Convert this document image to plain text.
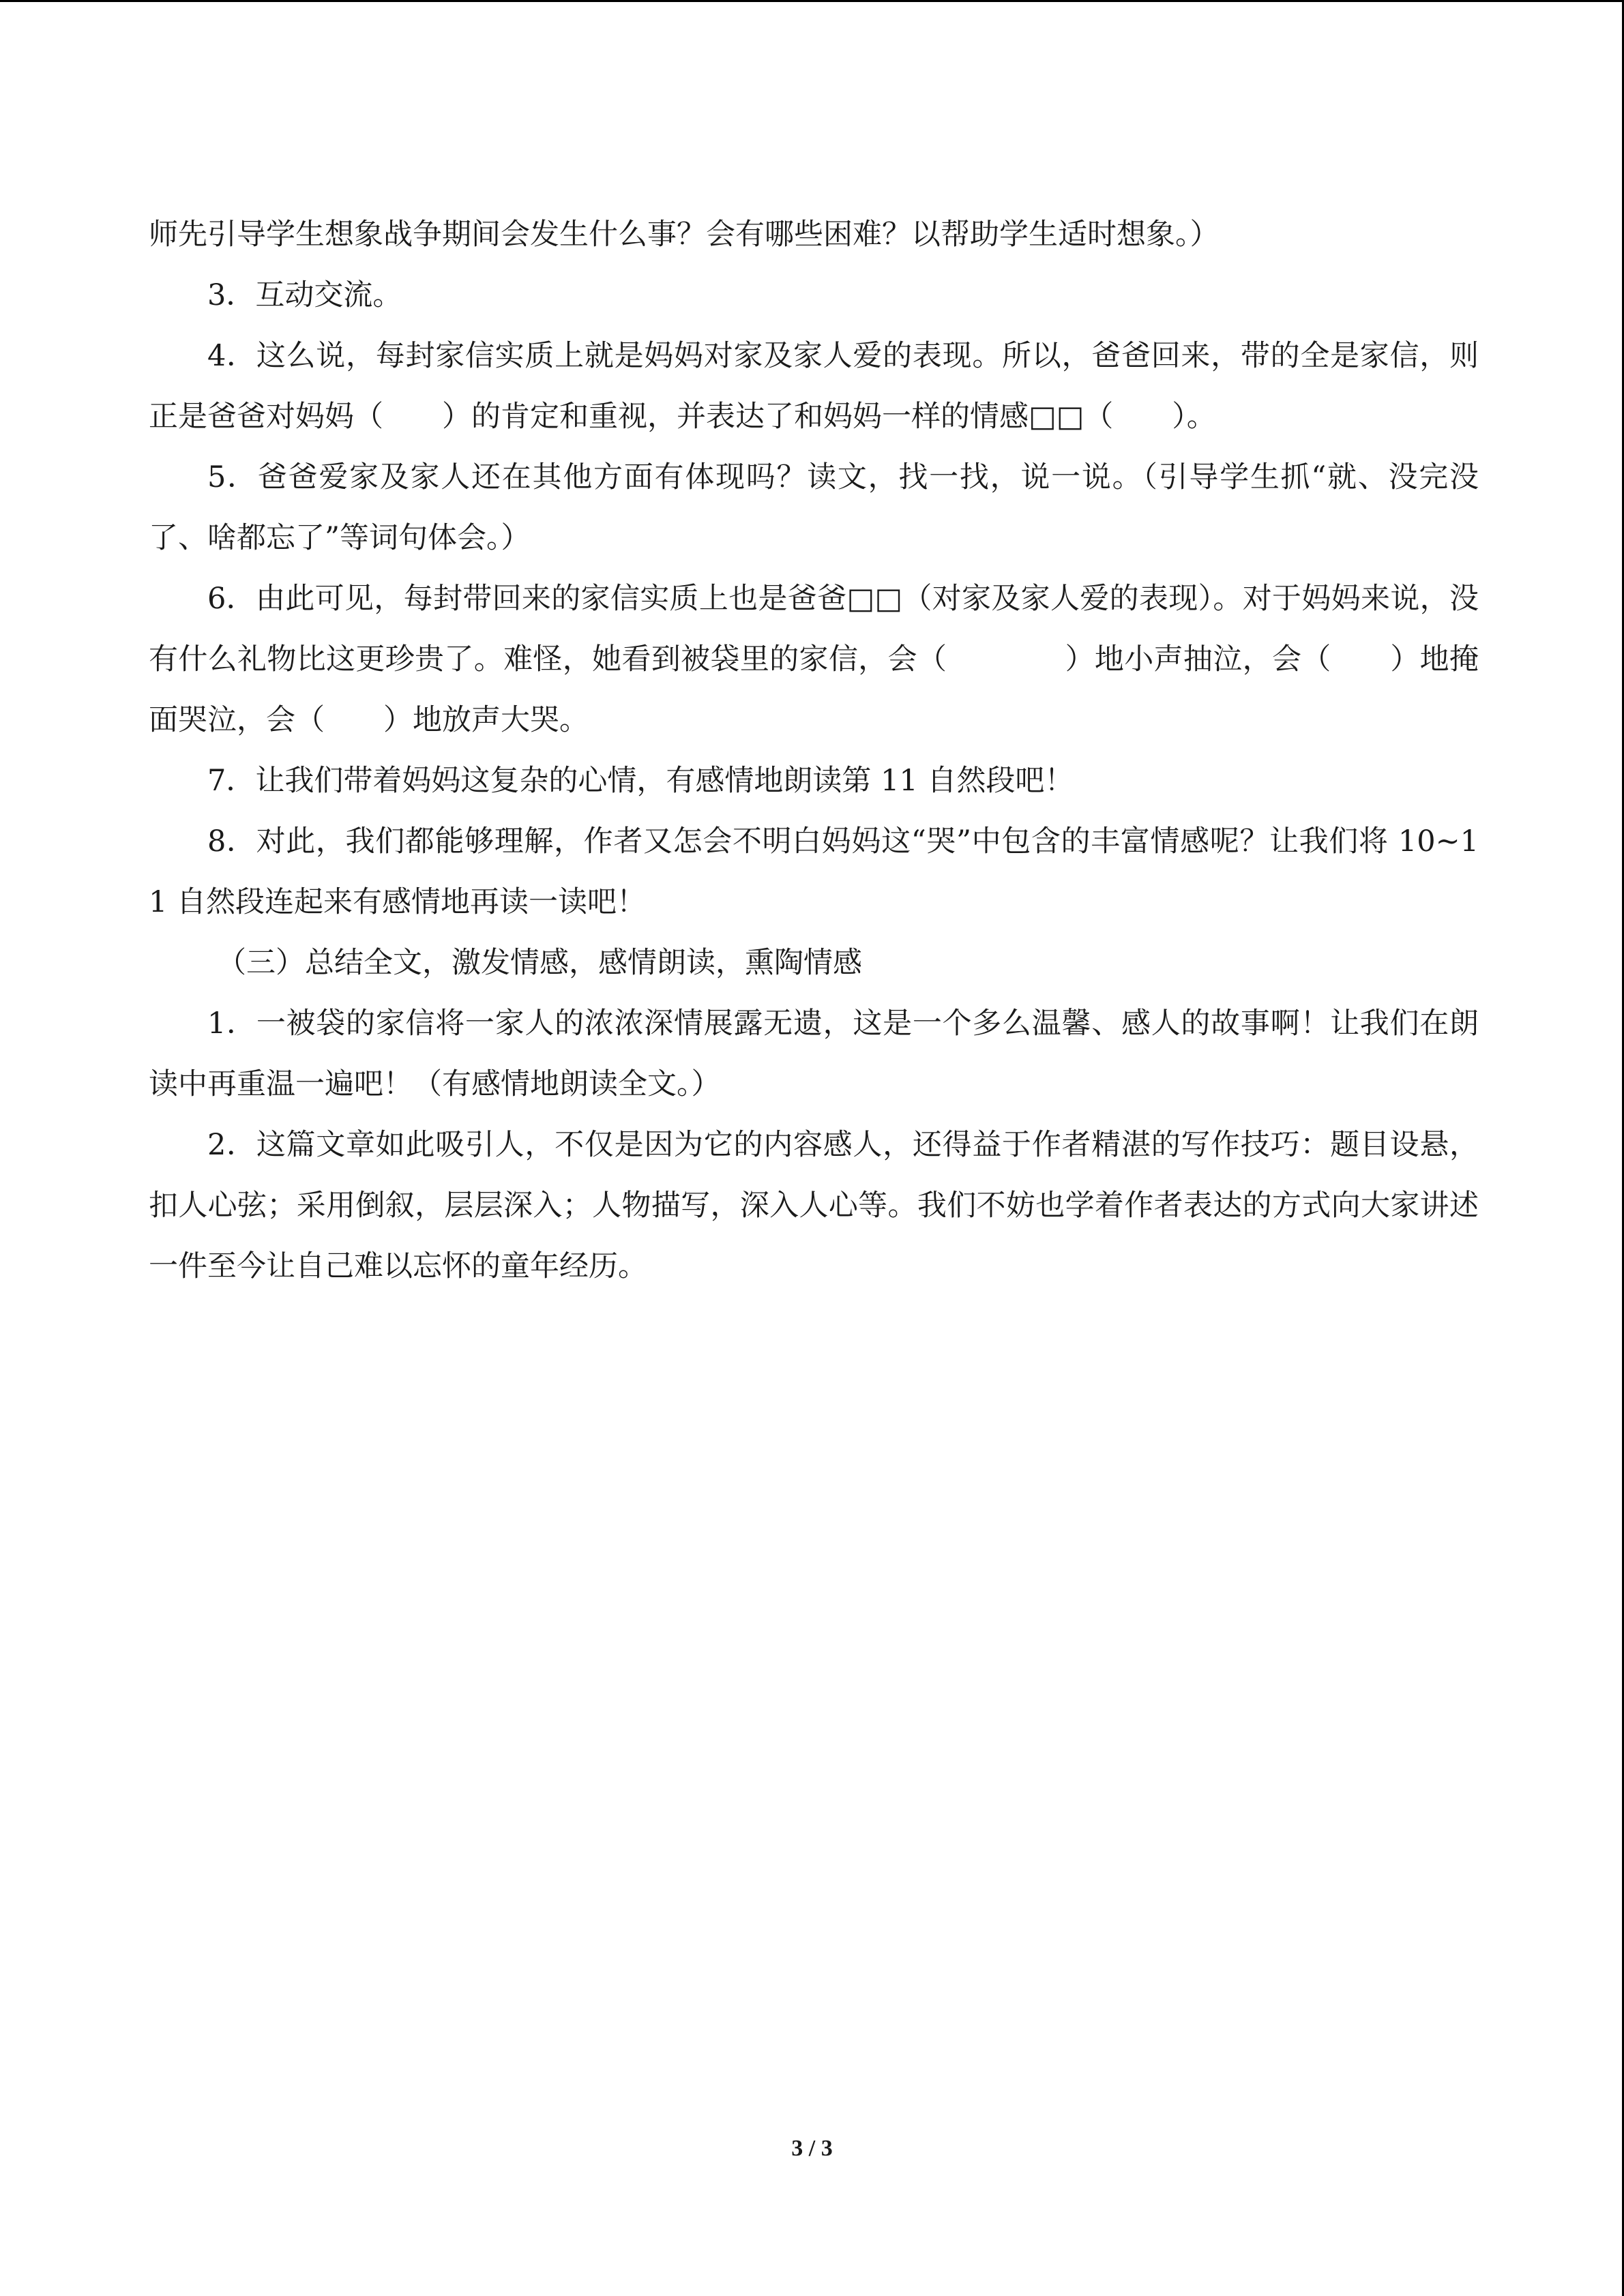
师先引导学生想象战争期间会发生什么事？会有哪些困难？以帮助学生适时想象。）

3．互动交流。

4．这么说，每封家信实质上就是妈妈对家及家人爱的表现。所以，爸爸回来，带的全是家信，则正是爸爸对妈妈（　　）的肯定和重视，并表达了和妈妈一样的情感□□（　　）。

5．爸爸爱家及家人还在其他方面有体现吗？读文，找一找，说一说。（引导学生抓“就、没完没了、啥都忘了”等词句体会。）

6．由此可见，每封带回来的家信实质上也是爸爸□□（对家及家人爱的表现）。对于妈妈来说，没有什么礼物比这更珍贵了。难怪，她看到被袋里的家信，会（　　　　）地小声抽泣，会（　　）地掩面哭泣，会（　　）地放声大哭。

7．让我们带着妈妈这复杂的心情，有感情地朗读第 11 自然段吧！

8．对此，我们都能够理解，作者又怎会不明白妈妈这“哭”中包含的丰富情感呢？让我们将 10~11 自然段连起来有感情地再读一读吧！

（三）总结全文，激发情感，感情朗读，熏陶情感

1．一被袋的家信将一家人的浓浓深情展露无遗，这是一个多么温馨、感人的故事啊！让我们在朗读中再重温一遍吧！（有感情地朗读全文。）

2．这篇文章如此吸引人，不仅是因为它的内容感人，还得益于作者精湛的写作技巧：题目设悬，扣人心弦；采用倒叙，层层深入；人物描写，深入人心等。我们不妨也学着作者表达的方式向大家讲述一件至今让自己难以忘怀的童年经历。

3 / 3
